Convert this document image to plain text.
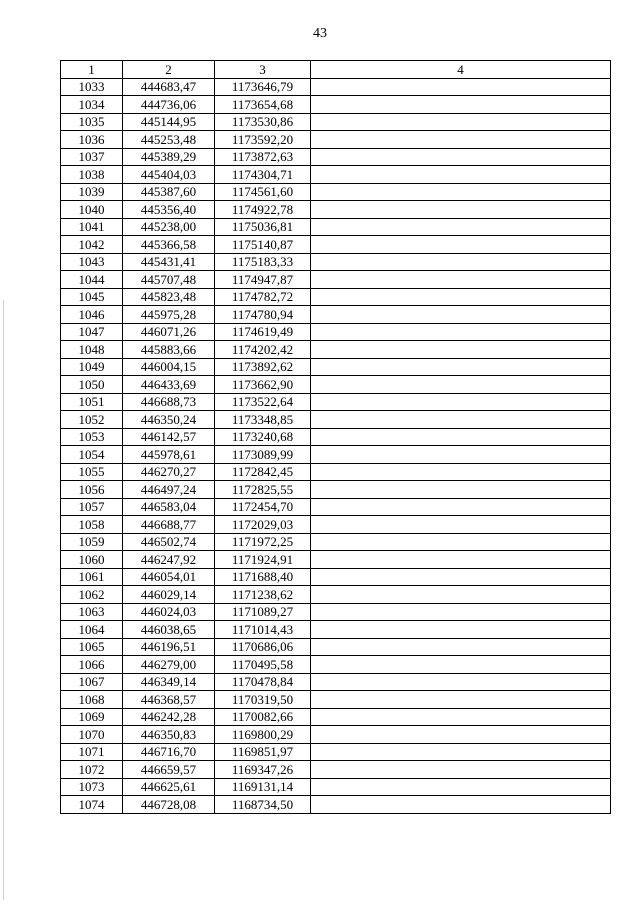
43
1	2	3	4
1033	444683,47	1173646,79	
1034	444736,06	1173654,68	
1035	445144,95	1173530,86	
1036	445253,48	1173592,20	
1037	445389,29	1173872,63	
1038	445404,03	1174304,71	
1039	445387,60	1174561,60	
1040	445356,40	1174922,78	
1041	445238,00	1175036,81	
1042	445366,58	1175140,87	
1043	445431,41	1175183,33	
1044	445707,48	1174947,87	
1045	445823,48	1174782,72	
1046	445975,28	1174780,94	
1047	446071,26	1174619,49	
1048	445883,66	1174202,42	
1049	446004,15	1173892,62	
1050	446433,69	1173662,90	
1051	446688,73	1173522,64	
1052	446350,24	1173348,85	
1053	446142,57	1173240,68	
1054	445978,61	1173089,99	
1055	446270,27	1172842,45	
1056	446497,24	1172825,55	
1057	446583,04	1172454,70	
1058	446688,77	1172029,03	
1059	446502,74	1171972,25	
1060	446247,92	1171924,91	
1061	446054,01	1171688,40	
1062	446029,14	1171238,62	
1063	446024,03	1171089,27	
1064	446038,65	1171014,43	
1065	446196,51	1170686,06	
1066	446279,00	1170495,58	
1067	446349,14	1170478,84	
1068	446368,57	1170319,50	
1069	446242,28	1170082,66	
1070	446350,83	1169800,29	
1071	446716,70	1169851,97	
1072	446659,57	1169347,26	
1073	446625,61	1169131,14	
1074	446728,08	1168734,50	
